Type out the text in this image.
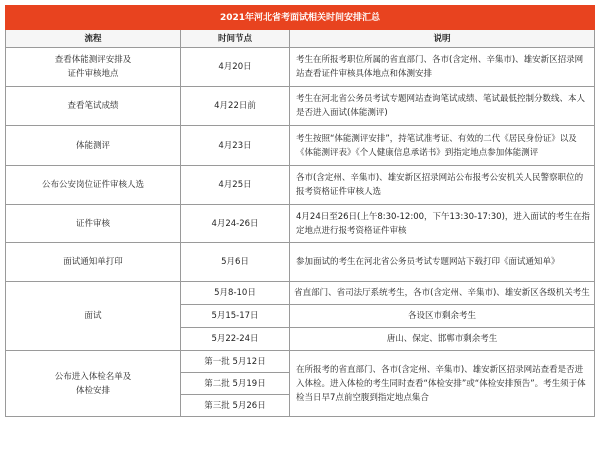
2021年河北省考面试相关时间安排汇总		
流程	时间节点	说明
查看体能测评安排及
证件审核地点	4月20日	考生在所报考职位所属的省直部门、各市(含定州、辛集市)、雄安新区招录网站查看证件审核具体地点和体测安排
查看笔试成绩	4月22日前	考生在河北省公务员考试专题网站查询笔试成绩、笔试最低控制分数线、本人是否进入面试(体能测评)
体能测评	4月23日	考生按照“体能测评安排”，持笔试准考证、有效的二代《居民身份证》以及《体能测评表》《个人健康信息承诺书》到指定地点参加体能测评
公布公安岗位证件审核人选	4月25日	各市(含定州、辛集市)、雄安新区招录网站公布报考公安机关人民警察职位的报考资格证件审核人选
证件审核	4月24-26日	4月24日至26日(上午8:30-12:00，下午13:30-17:30)，进入面试的考生在指定地点进行报考资格证件审核
面试通知单打印	5月6日	参加面试的考生在河北省公务员考试专题网站下载打印《面试通知单》
面试	5月8-10日	省直部门、省司法厅系统考生，各市(含定州、辛集市)、雄安新区各级机关考生
	5月15-17日	各设区市剩余考生
	5月22-24日	唐山、保定、邯郸市剩余考生
公布进入体检名单及
体检安排	第一批 5月12日	在所报考的省直部门、各市(含定州、辛集市)、雄安新区招录网站查看是否进入体检。进入体检的考生同时查看“体检安排”或“体检安排预告”。考生须于体检当日早7点前空腹到指定地点集合
	第二批 5月19日	
	第三批 5月26日	
